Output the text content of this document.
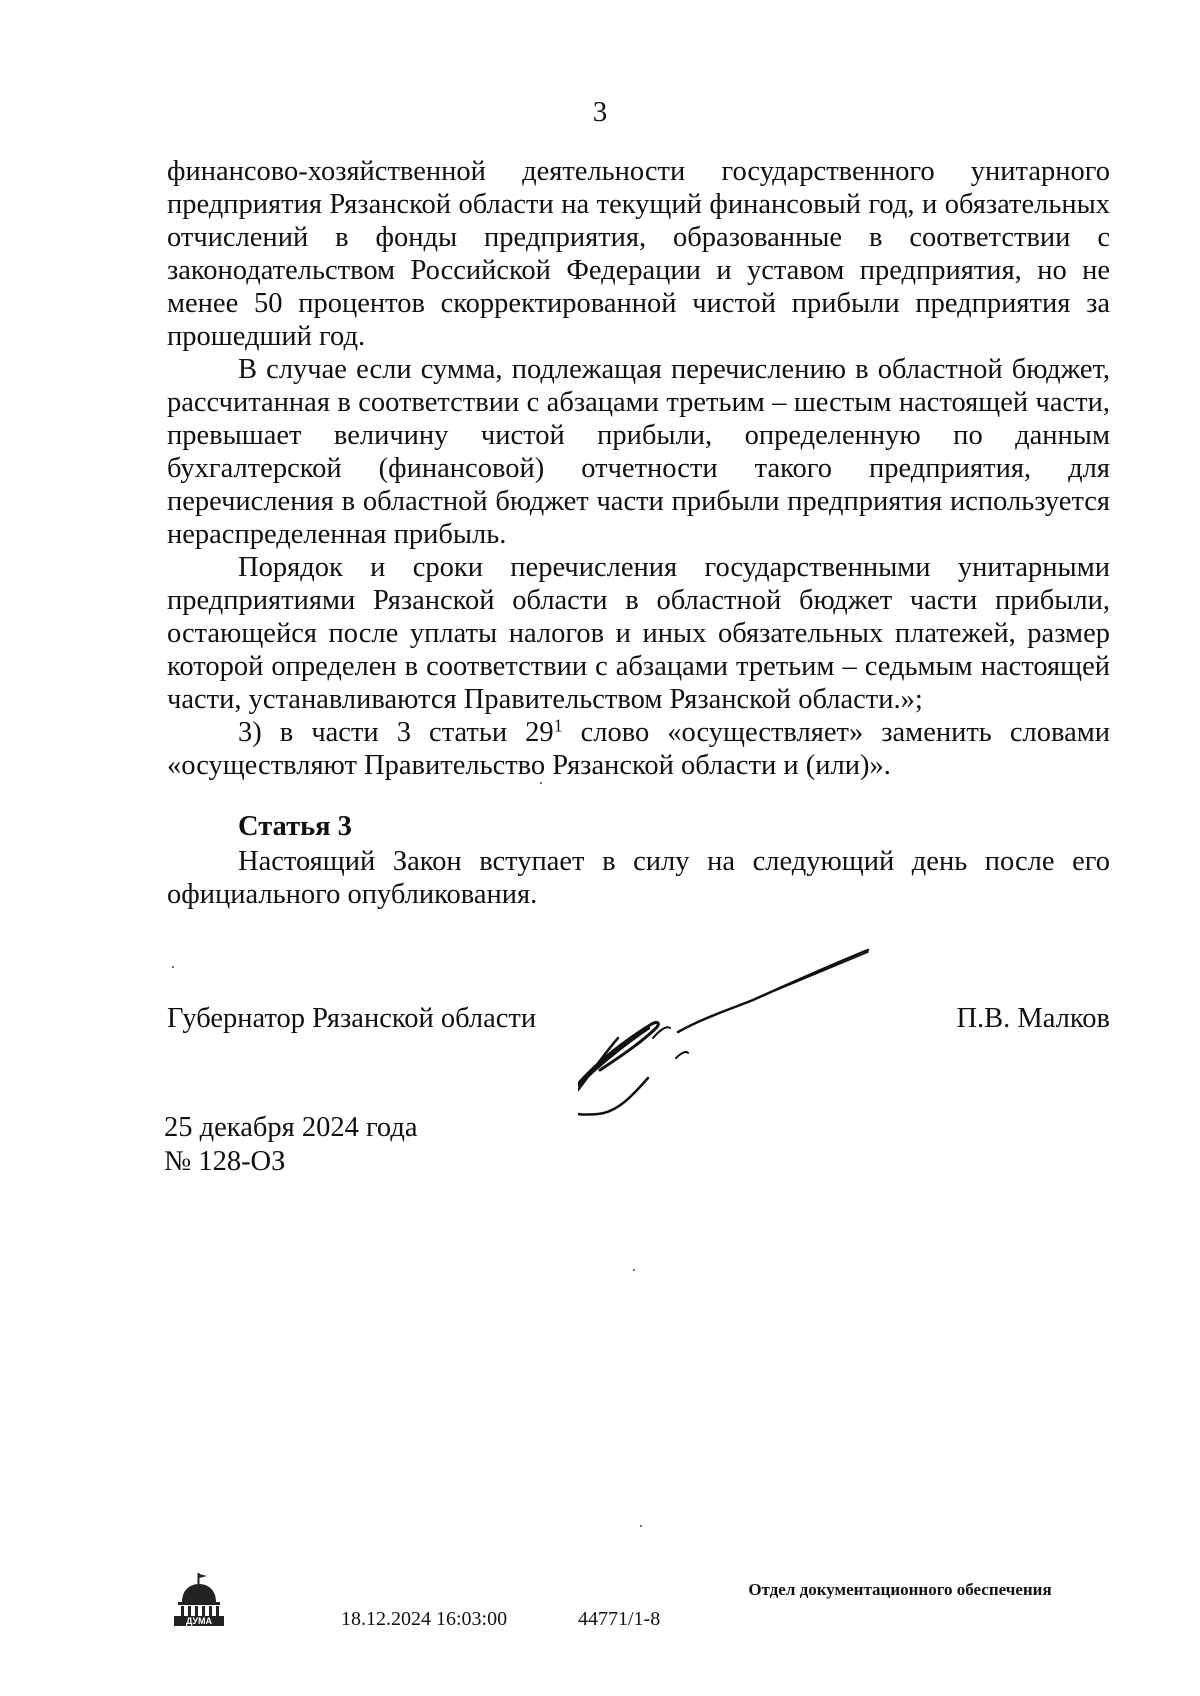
3

финансово-хозяйственной деятельности государственного унитарного предприятия Рязанской области на текущий финансовый год, и обязательных отчислений в фонды предприятия, образованные в соответствии с законодательством Российской Федерации и уставом предприятия, но не менее 50 процентов скорректированной чистой прибыли предприятия за прошедший год.

В случае если сумма, подлежащая перечислению в областной бюджет, рассчитанная в соответствии с абзацами третьим – шестым настоящей части, превышает величину чистой прибыли, определенную по данным бухгалтерской (финансовой) отчетности такого предприятия, для перечисления в областной бюджет части прибыли предприятия используется нераспределенная прибыль.

Порядок и сроки перечисления государственными унитарными предприятиями Рязанской области в областной бюджет части прибыли, остающейся после уплаты налогов и иных обязательных платежей, размер которой определен в соответствии с абзацами третьим – седьмым настоящей части, устанавливаются Правительством Рязанской области.»;

3) в части 3 статьи $29^1$ слово «осуществляет» заменить словами «осуществляют Правительство Рязанской области и (или)».

Статья 3

Настоящий Закон вступает в силу на следующий день после его официального опубликования.

Губернатор Рязанской области	П.В. Малков
25 декабря 2024 года
№ 128-ОЗ
ДУМА	18.12.2024 16:03:00	44771/1-8
Отдел документационного обеспечения
